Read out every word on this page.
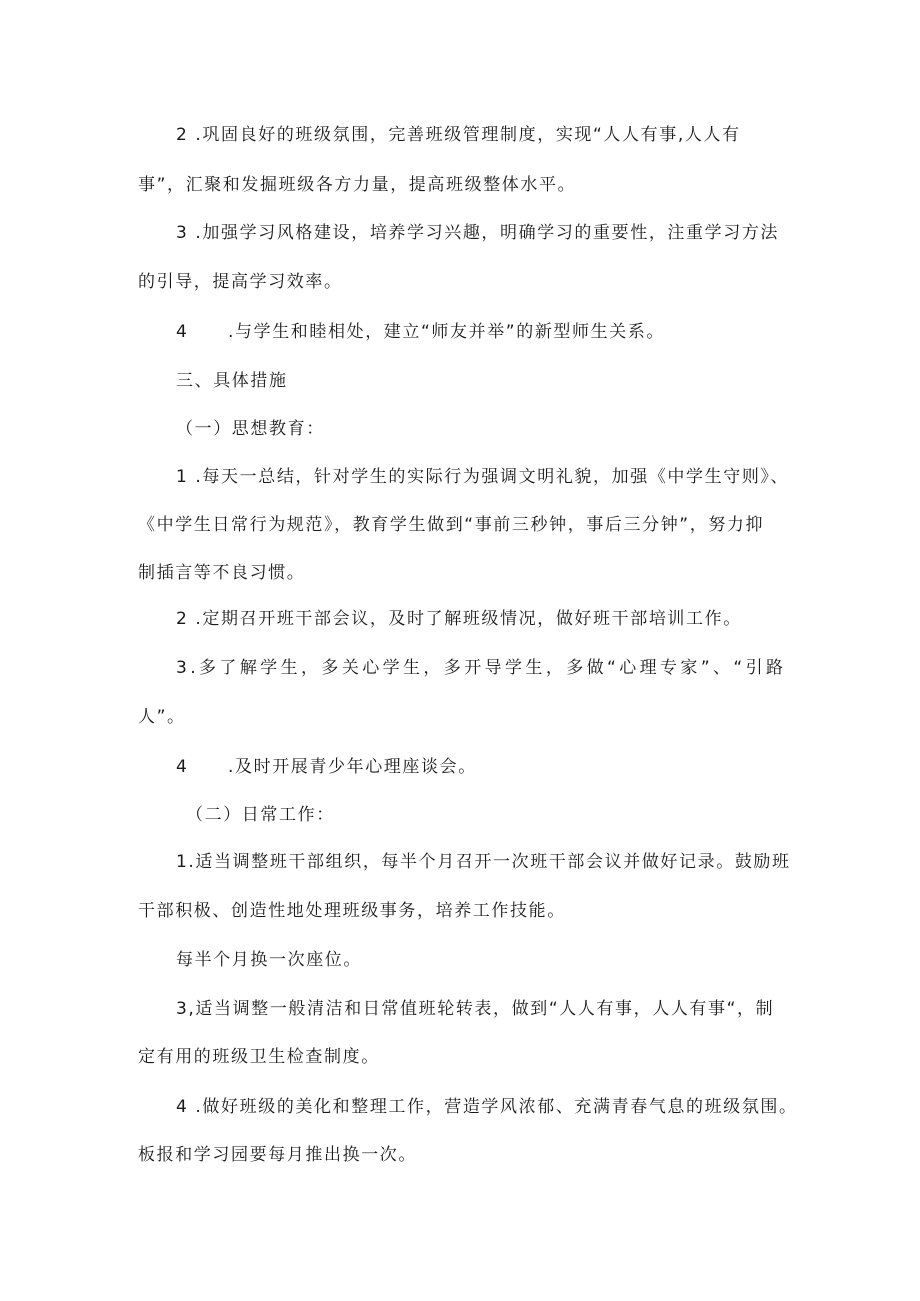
2 .巩固良好的班级氛围，完善班级管理制度，实现“人人有事,人人有
事”，汇聚和发掘班级各方力量，提高班级整体水平。
3 .加强学习风格建设，培养学习兴趣，明确学习的重要性，注重学习方法
的引导，提高学习效率。
4 .与学生和睦相处，建立“师友并举”的新型师生关系。
三、具体措施
（一）思想教育：
1 .每天一总结，针对学生的实际行为强调文明礼貌，加强《中学生守则》、
《中学生日常行为规范》，教育学生做到“事前三秒钟，事后三分钟”，努力抑
制插言等不良习惯。
2 .定期召开班干部会议，及时了解班级情况，做好班干部培训工作。
3.多了解学生，多关心学生，多开导学生，多做“心理专家”、“引路
人”。
4 .及时开展青少年心理座谈会。
（二）日常工作：
1.适当调整班干部组织，每半个月召开一次班干部会议并做好记录。鼓励班
干部积极、创造性地处理班级事务，培养工作技能。
每半个月换一次座位。
3,适当调整一般清洁和日常值班轮转表，做到“人人有事，人人有事“，制
定有用的班级卫生检查制度。
4 .做好班级的美化和整理工作，营造学风浓郁、充满青春气息的班级氛围。
板报和学习园要每月推出换一次。
